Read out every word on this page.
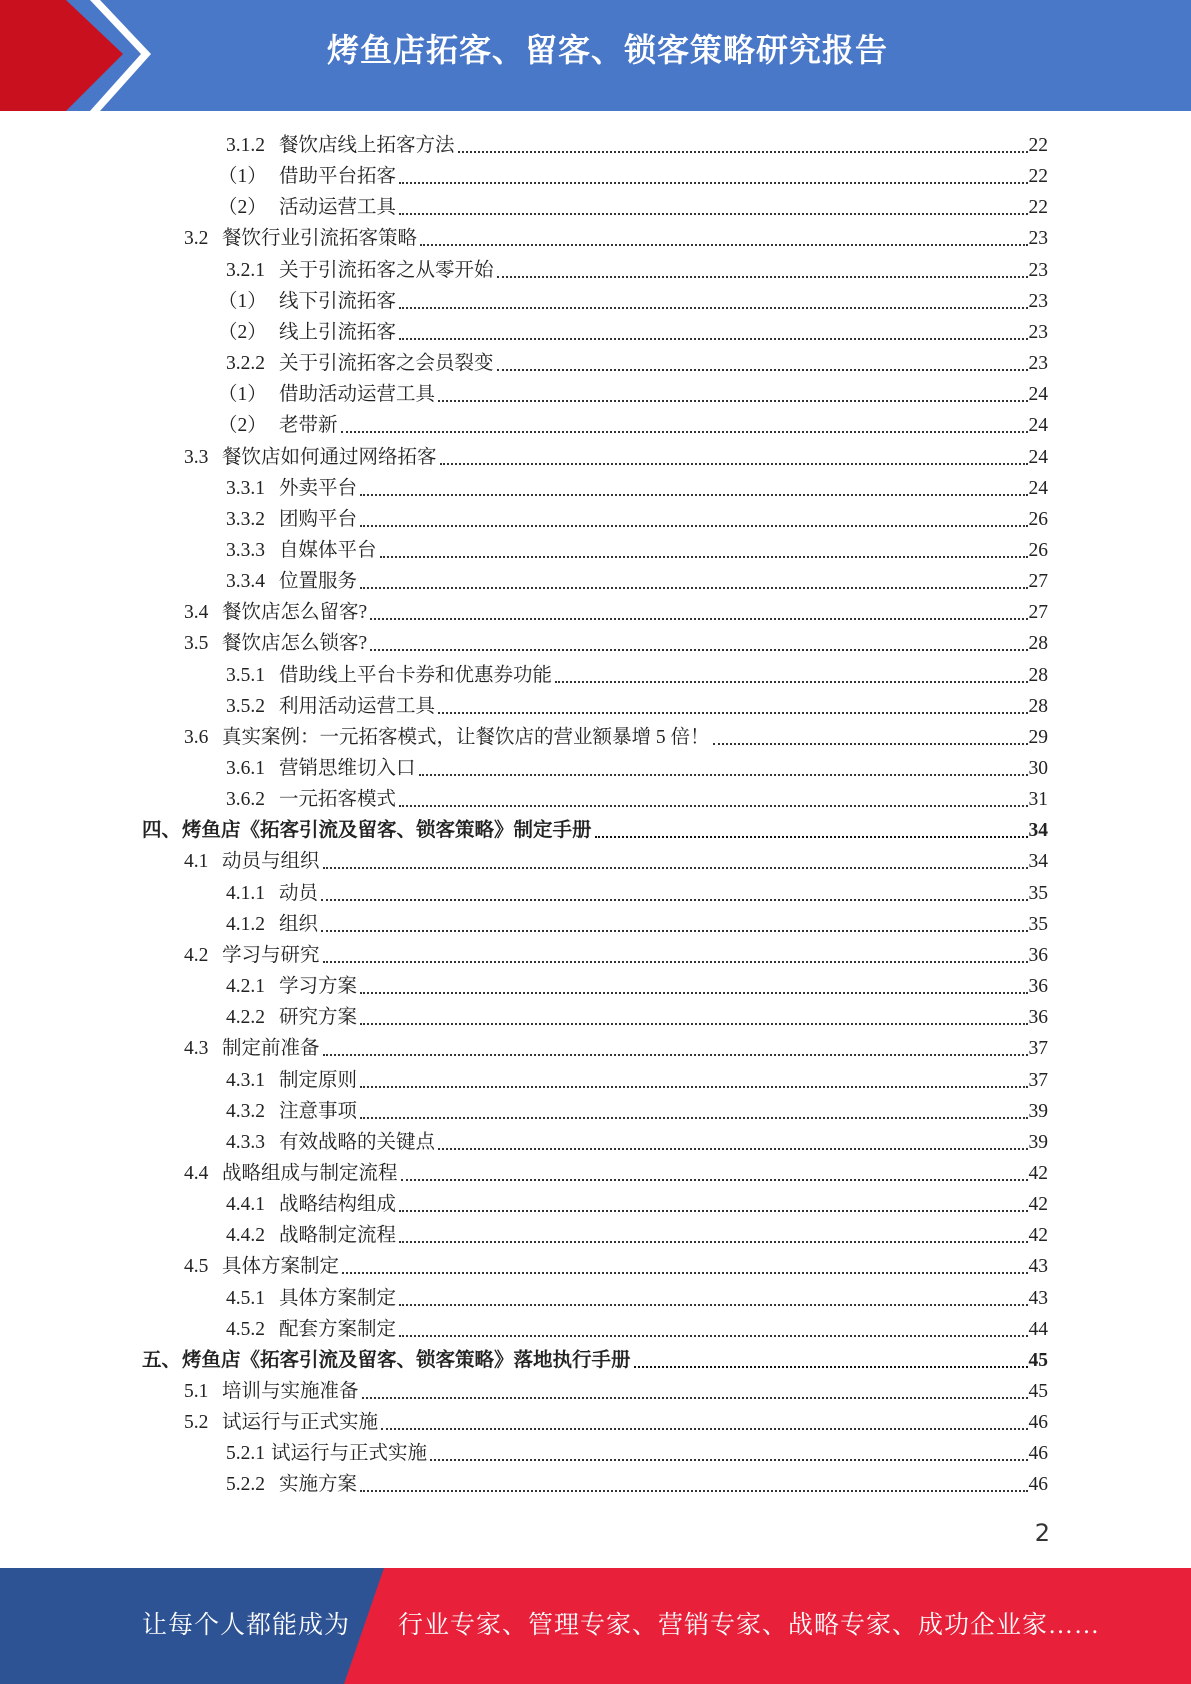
烤鱼店拓客、留客、锁客策略研究报告
3.1.2 餐饮店线上拓客方法	22
（1） 借助平台拓客	22
（2） 活动运营工具	22
3.2 餐饮行业引流拓客策略	23
3.2.1 关于引流拓客之从零开始	23
（1） 线下引流拓客	23
（2） 线上引流拓客	23
3.2.2 关于引流拓客之会员裂变	23
（1） 借助活动运营工具	24
（2） 老带新	24
3.3 餐饮店如何通过网络拓客	24
3.3.1 外卖平台	24
3.3.2 团购平台	26
3.3.3 自媒体平台	26
3.3.4 位置服务	27
3.4 餐饮店怎么留客?	27
3.5 餐饮店怎么锁客?	28
3.5.1 借助线上平台卡券和优惠券功能	28
3.5.2 利用活动运营工具	28
3.6 真实案例：一元拓客模式，让餐饮店的营业额暴增 5 倍！	29
3.6.1 营销思维切入口	30
3.6.2 一元拓客模式	31
四、 烤鱼店《拓客引流及留客、锁客策略》制定手册	34
4.1 动员与组织	34
4.1.1 动员	35
4.1.2 组织	35
4.2 学习与研究	36
4.2.1 学习方案	36
4.2.2 研究方案	36
4.3 制定前准备	37
4.3.1 制定原则	37
4.3.2 注意事项	39
4.3.3 有效战略的关键点	39
4.4 战略组成与制定流程	42
4.4.1 战略结构组成	42
4.4.2 战略制定流程	42
4.5 具体方案制定	43
4.5.1 具体方案制定	43
4.5.2 配套方案制定	44
五、 烤鱼店《拓客引流及留客、锁客策略》落地执行手册	45
5.1 培训与实施准备	45
5.2 试运行与正式实施	46
5.2.1 试运行与正式实施	46
5.2.2 实施方案	46
2
让每个人都能成为 行业专家、管理专家、营销专家、战略专家、成功企业家……
